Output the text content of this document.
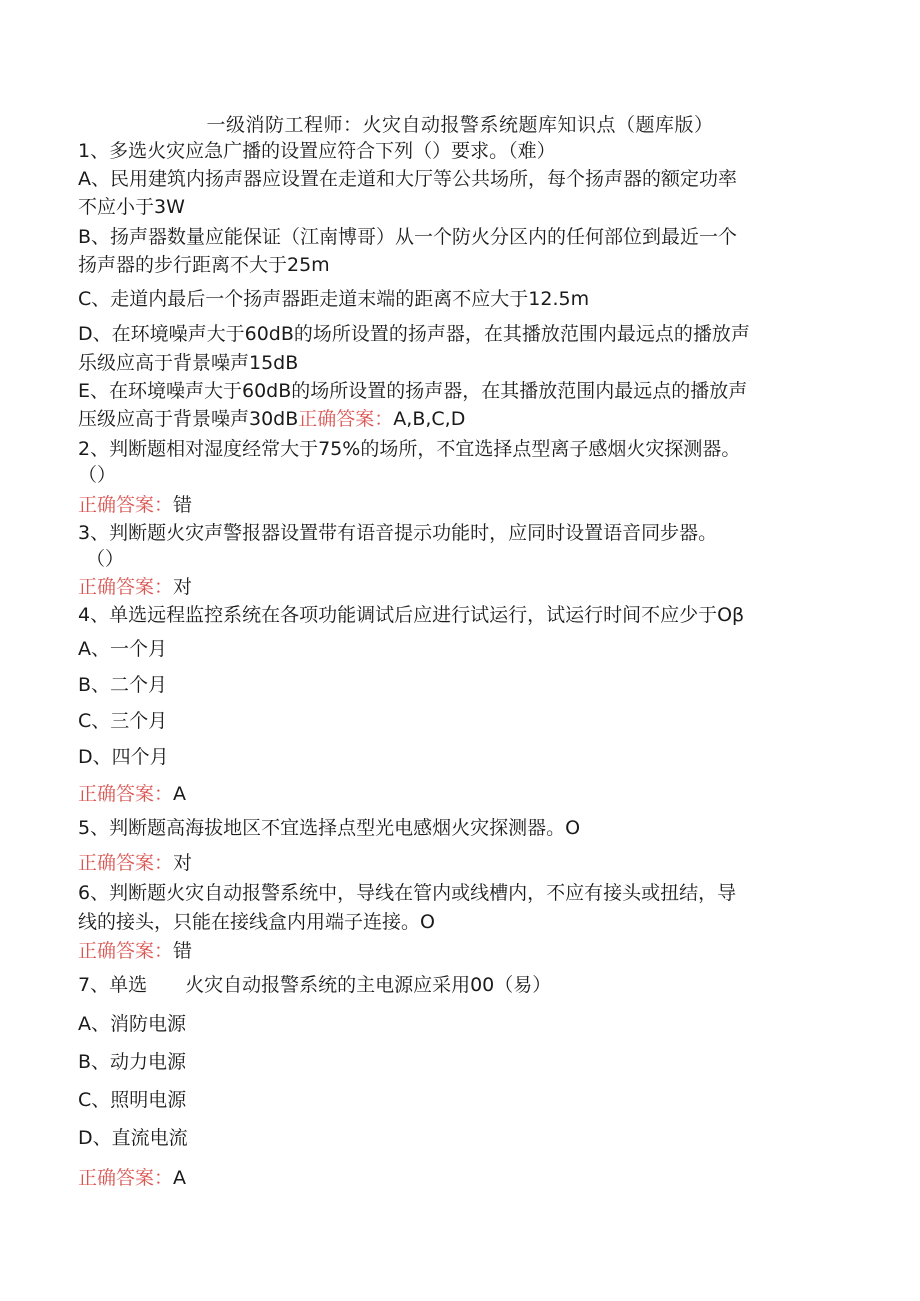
一级消防工程师：火灾自动报警系统题库知识点（题库版）
1、多选火灾应急广播的设置应符合下列（）要求。（难）
A、民用建筑内扬声器应设置在走道和大厅等公共场所，每个扬声器的额定功率
不应小于3W
B、扬声器数量应能保证（江南博哥）从一个防火分区内的任何部位到最近一个
扬声器的步行距离不大于25m
C、走道内最后一个扬声器距走道末端的距离不应大于12.5m
D、在环境噪声大于60dB的场所设置的扬声器，在其播放范围内最远点的播放声
乐级应高于背景噪声15dB
E、在环境噪声大于60dB的场所设置的扬声器，在其播放范围内最远点的播放声
压级应高于背景噪声30dB正确答案：A,B,C,D
2、判断题相对湿度经常大于75%的场所，不宜选择点型离子感烟火灾探测器。
（）
正确答案：错
3、判断题火灾声警报器设置带有语音提示功能时，应同时设置语音同步器。
（）
正确答案：对
4、单选远程监控系统在各项功能调试后应进行试运行，试运行时间不应少于Oβ
A、一个月
B、二个月
C、三个月
D、四个月
正确答案：A
5、判断题高海拔地区不宜选择点型光电感烟火灾探测器。O
正确答案：对
6、判断题火灾自动报警系统中，导线在管内或线槽内，不应有接头或扭结，导
线的接头，只能在接线盒内用端子连接。O
正确答案：错
7、单选　　火灾自动报警系统的主电源应采用00（易）
A、消防电源
B、动力电源
C、照明电源
D、直流电流
正确答案：A
